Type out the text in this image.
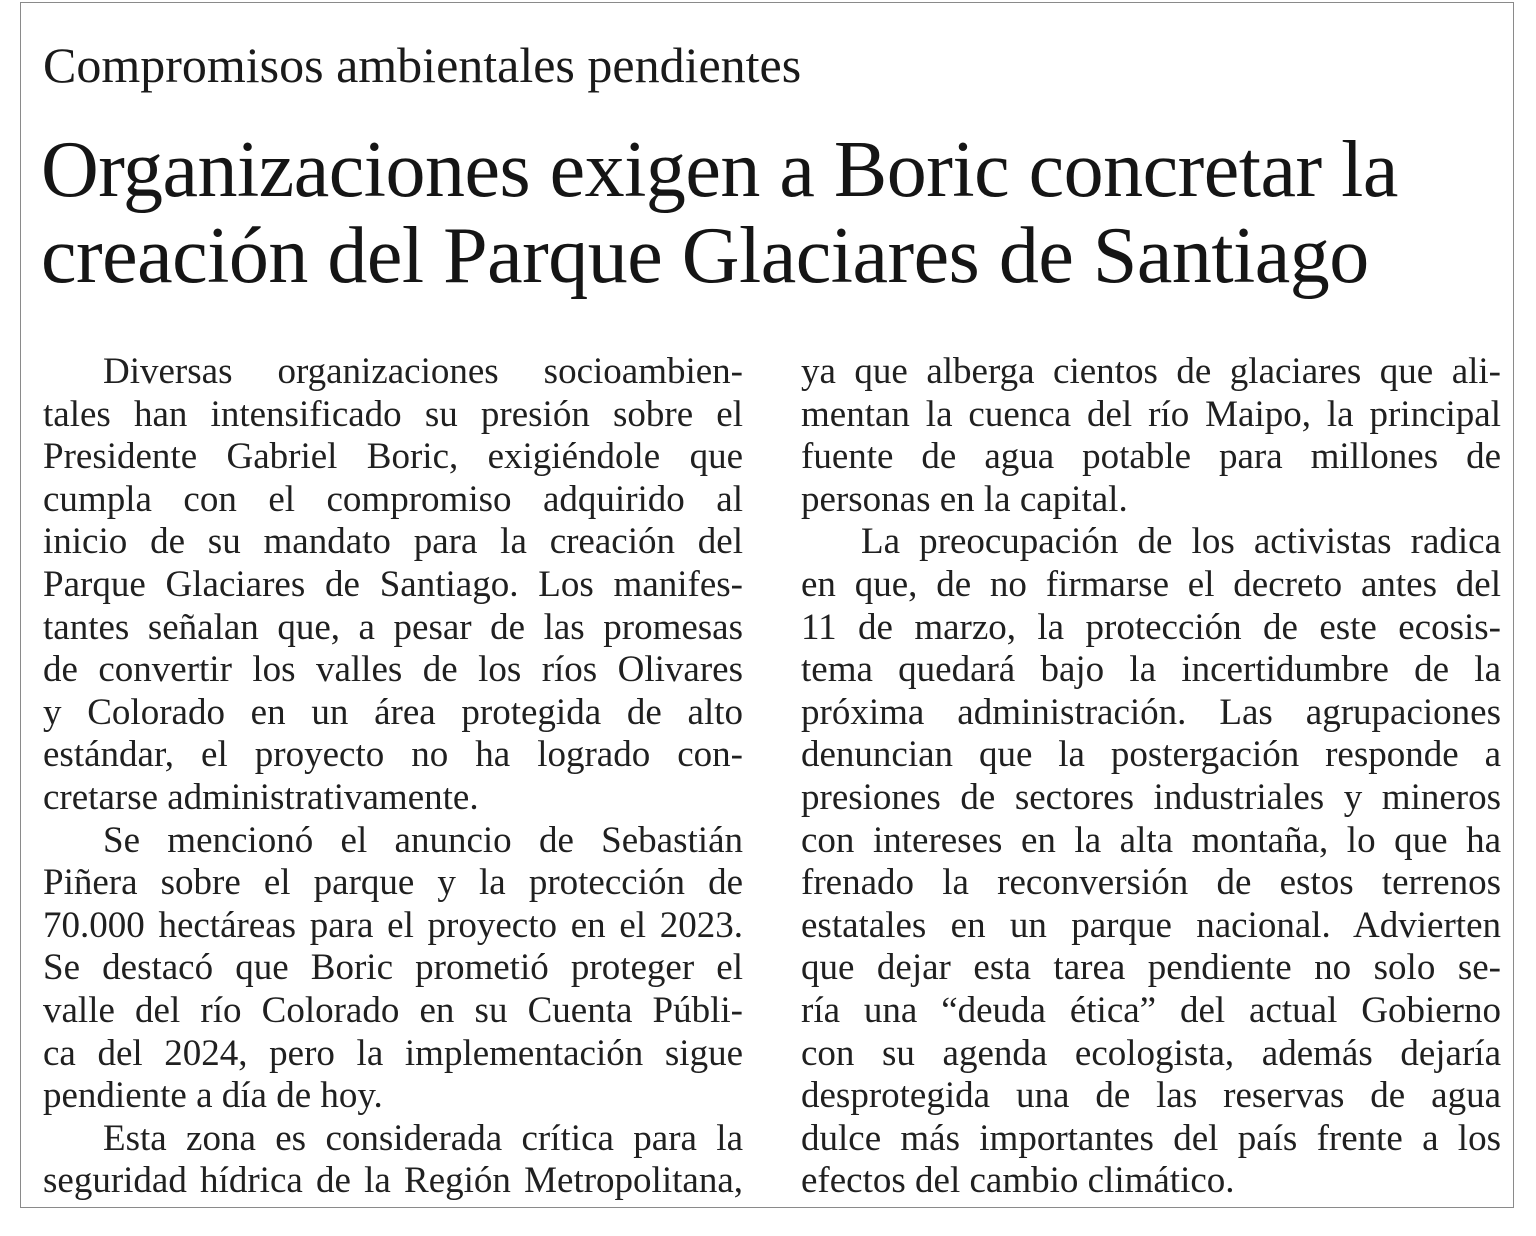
Compromisos ambientales pendientes
Organizaciones exigen a Boric concretar la
creación del Parque Glaciares de Santiago
Diversas organizaciones socioambien-
tales han intensificado su presión sobre el
Presidente Gabriel Boric, exigiéndole que
cumpla con el compromiso adquirido al
inicio de su mandato para la creación del
Parque Glaciares de Santiago. Los manifes-
tantes señalan que, a pesar de las promesas
de convertir los valles de los ríos Olivares
y Colorado en un área protegida de alto
estándar, el proyecto no ha logrado con-
cretarse administrativamente.
Se mencionó el anuncio de Sebastián
Piñera sobre el parque y la protección de
70.000 hectáreas para el proyecto en el 2023.
Se destacó que Boric prometió proteger el
valle del río Colorado en su Cuenta Públi-
ca del 2024, pero la implementación sigue
pendiente a día de hoy.
Esta zona es considerada crítica para la
seguridad hídrica de la Región Metropolitana,
ya que alberga cientos de glaciares que ali-
mentan la cuenca del río Maipo, la principal
fuente de agua potable para millones de
personas en la capital.
La preocupación de los activistas radica
en que, de no firmarse el decreto antes del
11 de marzo, la protección de este ecosis-
tema quedará bajo la incertidumbre de la
próxima administración. Las agrupaciones
denuncian que la postergación responde a
presiones de sectores industriales y mineros
con intereses en la alta montaña, lo que ha
frenado la reconversión de estos terrenos
estatales en un parque nacional. Advierten
que dejar esta tarea pendiente no solo se-
ría una “deuda ética” del actual Gobierno
con su agenda ecologista, además dejaría
desprotegida una de las reservas de agua
dulce más importantes del país frente a los
efectos del cambio climático.
